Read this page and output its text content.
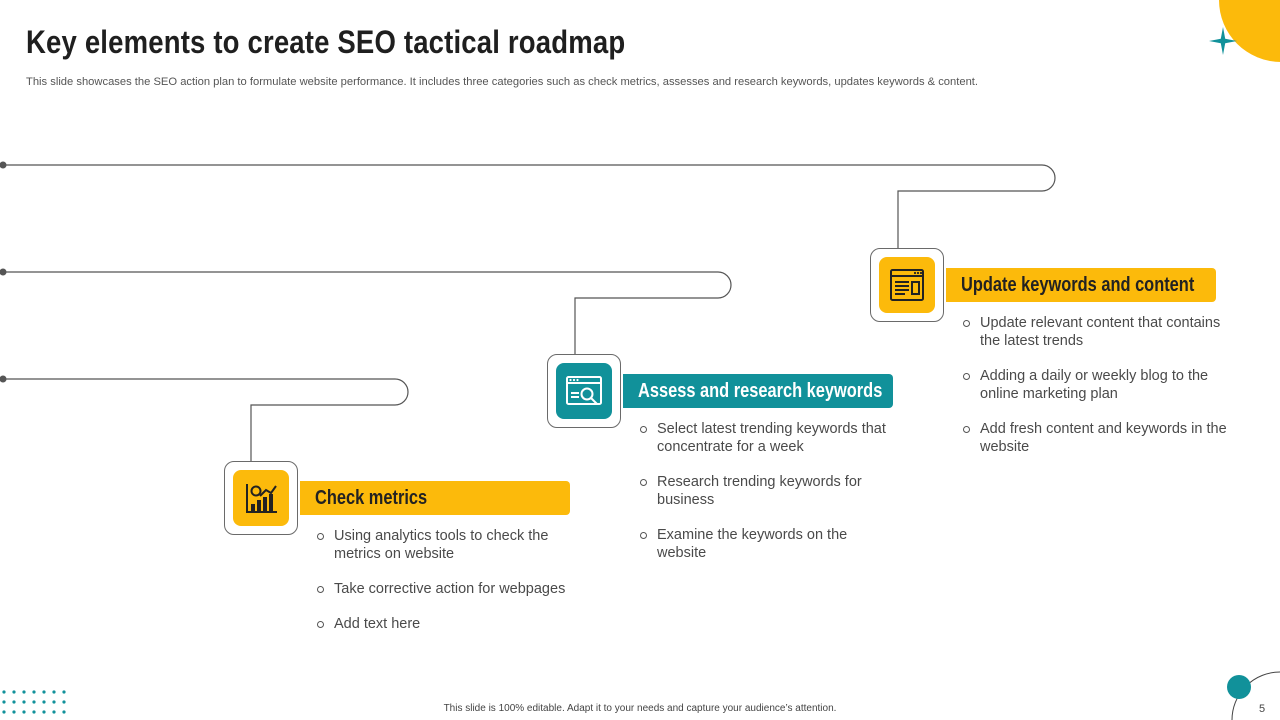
Key elements to create SEO tactical roadmap
This slide showcases the SEO action plan to formulate website performance. It includes three categories such as check metrics, assesses and research keywords, updates keywords & content.
Check metrics
Using analytics tools to check the metrics on website
Take corrective action for webpages
Add text here
Assess and research keywords
Select latest trending keywords that concentrate for a week
Research trending keywords for business
Examine the keywords on the website
Update keywords and content
Update relevant content that contains the latest trends
Adding a daily or weekly blog to the online marketing plan
Add fresh content and keywords in the website
This slide is 100% editable. Adapt it to your needs and capture your audience’s attention.	5
